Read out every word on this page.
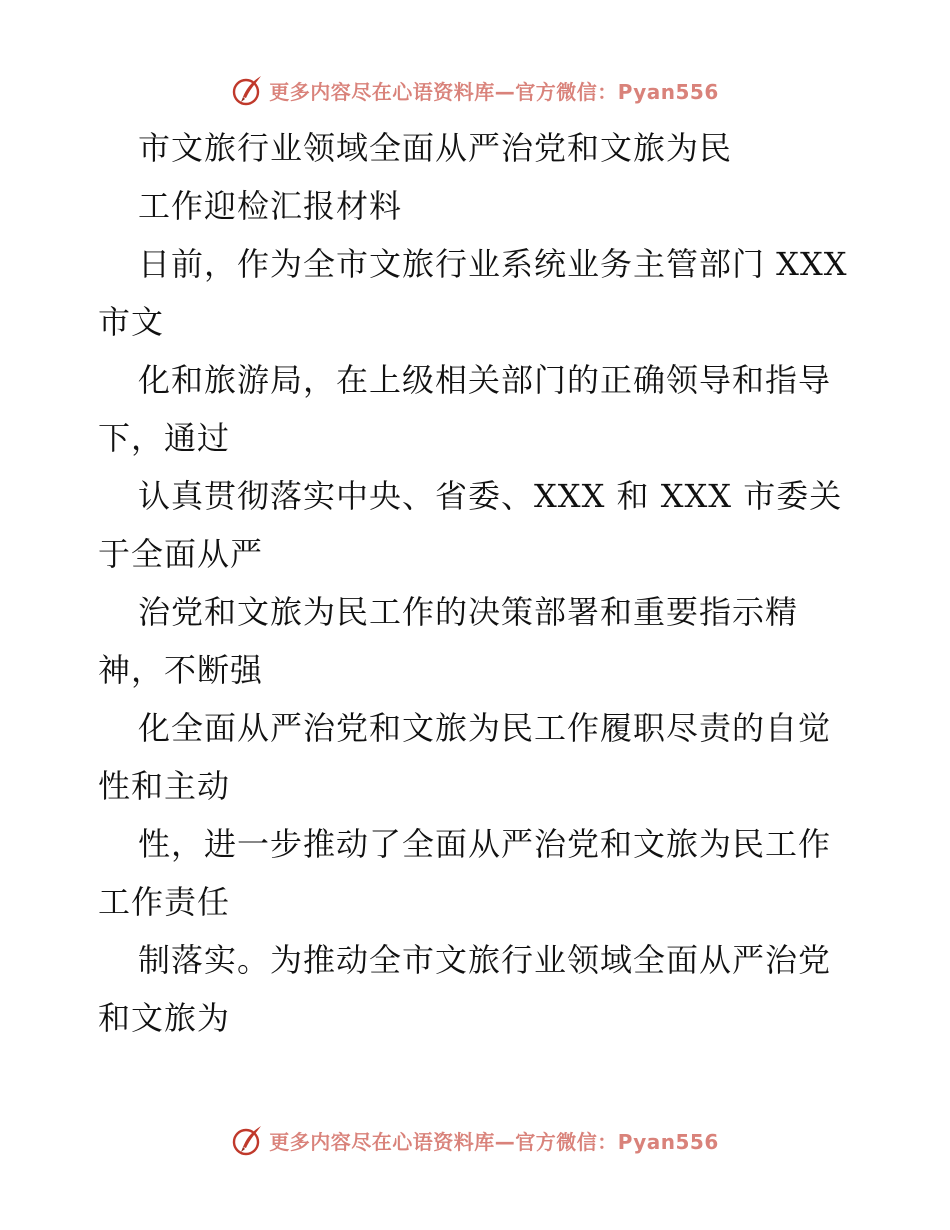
更多内容尽在心语资料库—官方微信：Pyan556
市文旅行业领域全面从严治党和文旅为民
工作迎检汇报材料
日前，作为全市文旅行业系统业务主管部门 XXX
市文
化和旅游局，在上级相关部门的正确领导和指导
下，通过
认真贯彻落实中央、省委、XXX 和 XXX 市委关
于全面从严
治党和文旅为民工作的决策部署和重要指示精
神，不断强
化全面从严治党和文旅为民工作履职尽责的自觉
性和主动
性，进一步推动了全面从严治党和文旅为民工作
工作责任
制落实。为推动全市文旅行业领域全面从严治党
和文旅为
更多内容尽在心语资料库—官方微信：Pyan556
